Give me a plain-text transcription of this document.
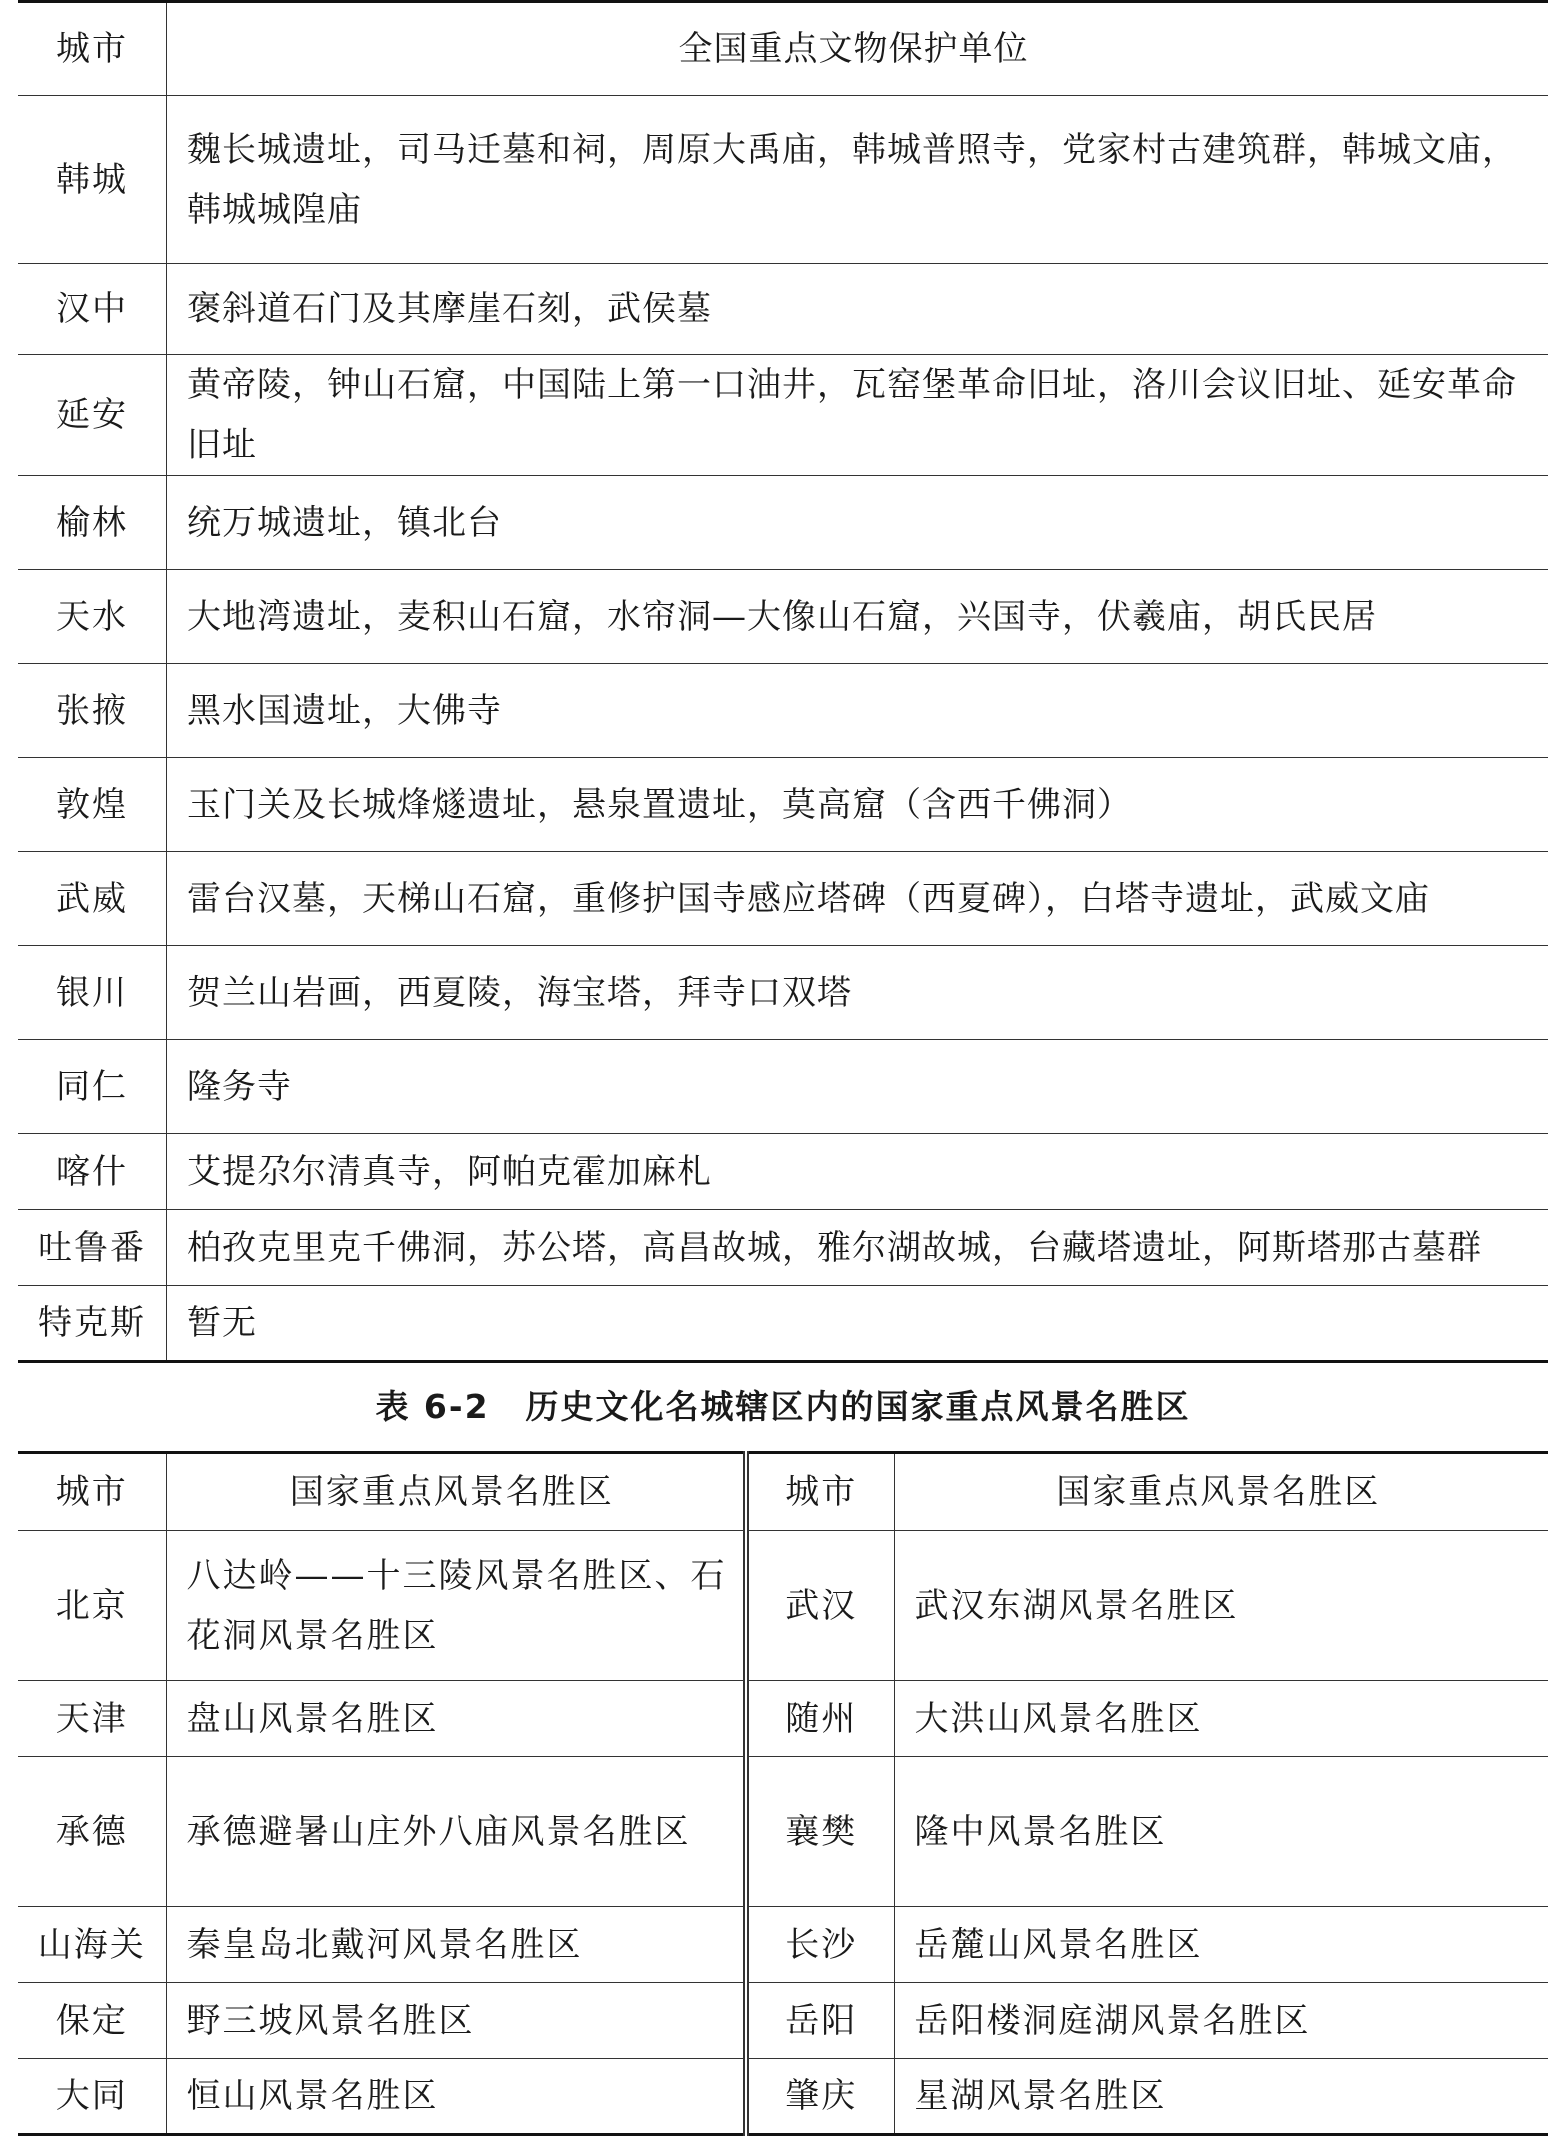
城市	全国重点文物保护单位
韩城	魏长城遗址，司马迁墓和祠，周原大禹庙，韩城普照寺，党家村古建筑群，韩城文庙，韩城城隍庙
汉中	褒斜道石门及其摩崖石刻，武侯墓
延安	黄帝陵，钟山石窟，中国陆上第一口油井，瓦窑堡革命旧址，洛川会议旧址、延安革命旧址
榆林	统万城遗址，镇北台
天水	大地湾遗址，麦积山石窟，水帘洞—大像山石窟，兴国寺，伏羲庙，胡氏民居
张掖	黑水国遗址，大佛寺
敦煌	玉门关及长城烽燧遗址，悬泉置遗址，莫高窟（含西千佛洞）
武威	雷台汉墓，天梯山石窟，重修护国寺感应塔碑（西夏碑），白塔寺遗址，武威文庙
银川	贺兰山岩画，西夏陵，海宝塔，拜寺口双塔
同仁	隆务寺
喀什	艾提尕尔清真寺，阿帕克霍加麻札
吐鲁番	柏孜克里克千佛洞，苏公塔，高昌故城，雅尔湖故城，台藏塔遗址，阿斯塔那古墓群
特克斯	暂无
表 6-2 历史文化名城辖区内的国家重点风景名胜区
城市	国家重点风景名胜区	城市	国家重点风景名胜区
北京	八达岭——十三陵风景名胜区、石花洞风景名胜区	武汉	武汉东湖风景名胜区
天津	盘山风景名胜区	随州	大洪山风景名胜区
承德	承德避暑山庄外八庙风景名胜区	襄樊	隆中风景名胜区
山海关	秦皇岛北戴河风景名胜区	长沙	岳麓山风景名胜区
保定	野三坡风景名胜区	岳阳	岳阳楼洞庭湖风景名胜区
大同	恒山风景名胜区	肇庆	星湖风景名胜区
